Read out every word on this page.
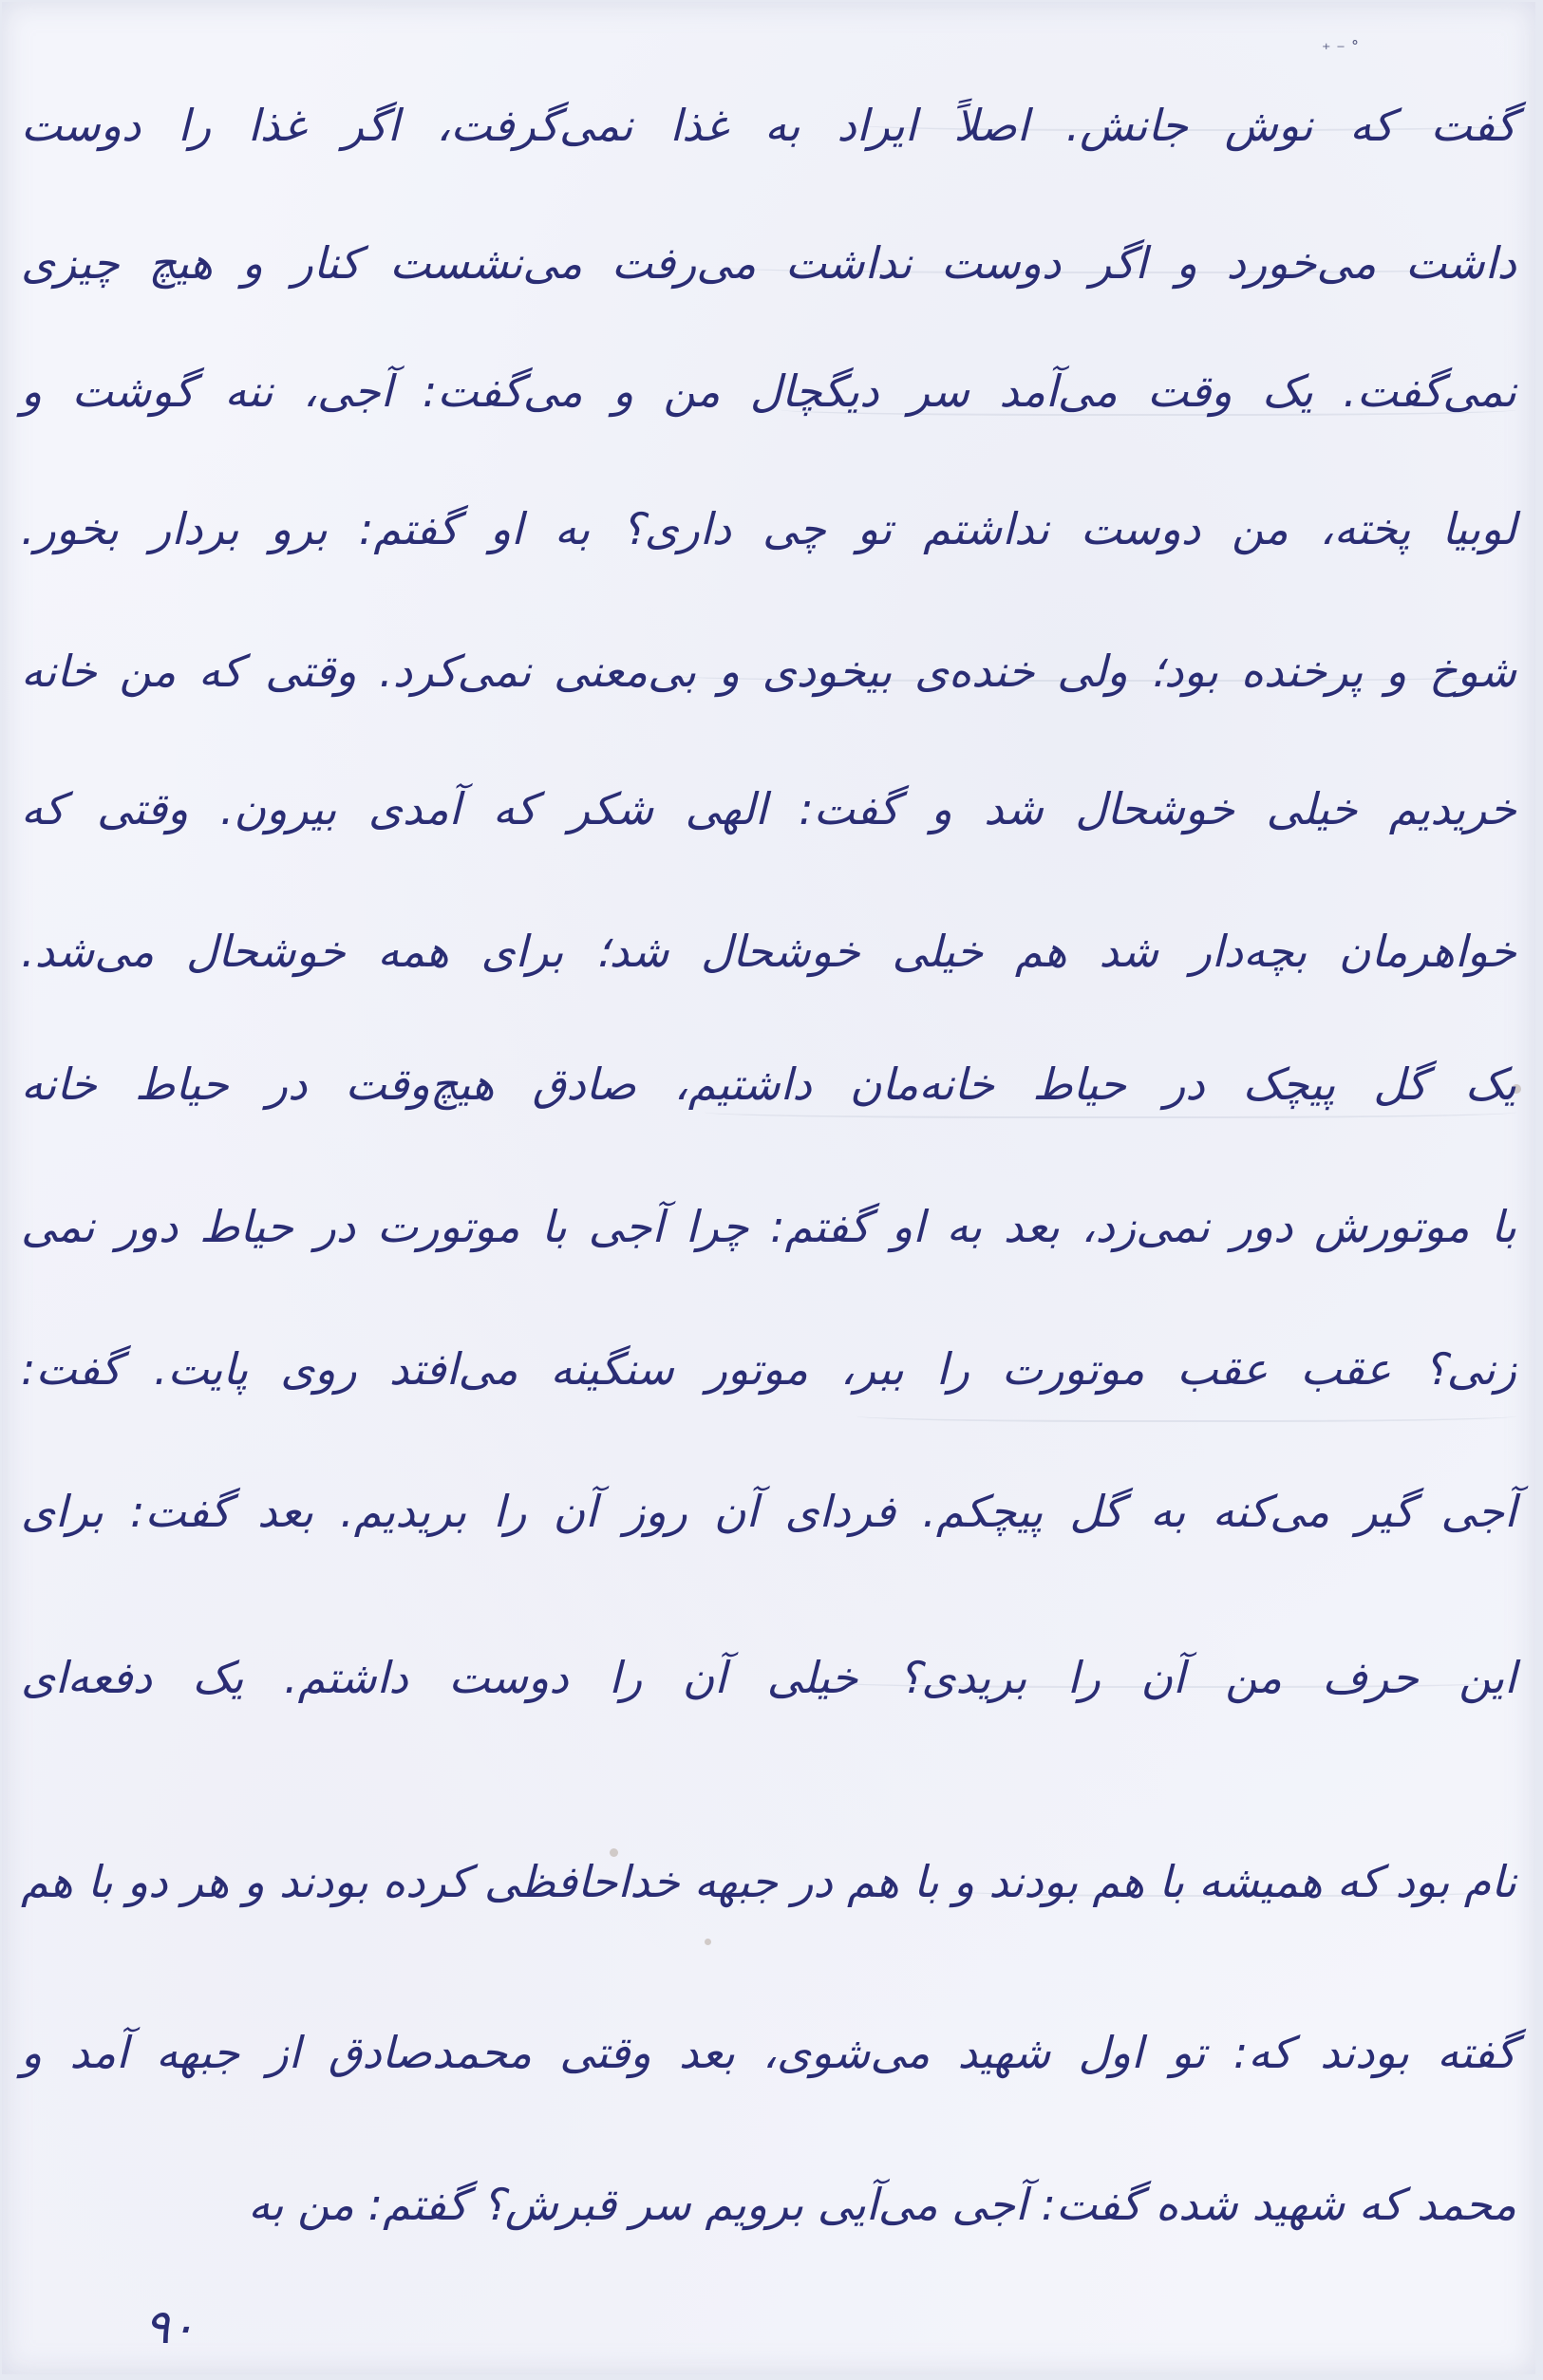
⁺ ⁻ ˚
گفت که نوش جانش. اصلاً ایراد به غذا نمی‌گرفت، اگر غذا را دوست
داشت می‌خورد و اگر دوست نداشت می‌رفت می‌نشست کنار و هیچ چیزی
نمی‌گفت. یک وقت می‌آمد سر دیگچال من و می‌گفت: آجی، ننه گوشت و
لوبیا پخته، من دوست نداشتم تو چی داری؟ به او گفتم: برو بردار بخور.
شوخ و پرخنده بود؛ ولی خنده‌ی بیخودی و بی‌معنی نمی‌کرد. وقتی که من خانه
خریدیم خیلی خوشحال شد و گفت: الهی شکر که آمدی بیرون. وقتی که
خواهرمان بچه‌دار شد هم خیلی خوشحال شد؛ برای همه خوشحال می‌شد.
یک گل پیچک در حیاط خانه‌مان داشتیم، صادق هیچ‌وقت در حیاط خانه
با موتورش دور نمی‌زد، بعد به او گفتم: چرا آجی با موتورت در حیاط دور نمی‌
زنی؟ عقب عقب موتورت را ببر، موتور سنگینه می‌افتد روی پایت. گفت:
آجی گیر می‌کنه به گل پیچکم. فردای آن روز آن را بریدیم. بعد گفت: برای
این حرف من آن را بریدی؟ خیلی آن را دوست داشتم. یک دفعه‌ای
نام بود که همیشه با هم بودند و با هم در جبهه خداحافظی کرده بودند و هر دو با هم
گفته بودند که: تو اول شهید می‌شوی، بعد وقتی محمدصادق از جبهه آمد و
محمد که شهید شده گفت: آجی می‌آیی برویم سر قبرش؟ گفتم: من به
۹۰
